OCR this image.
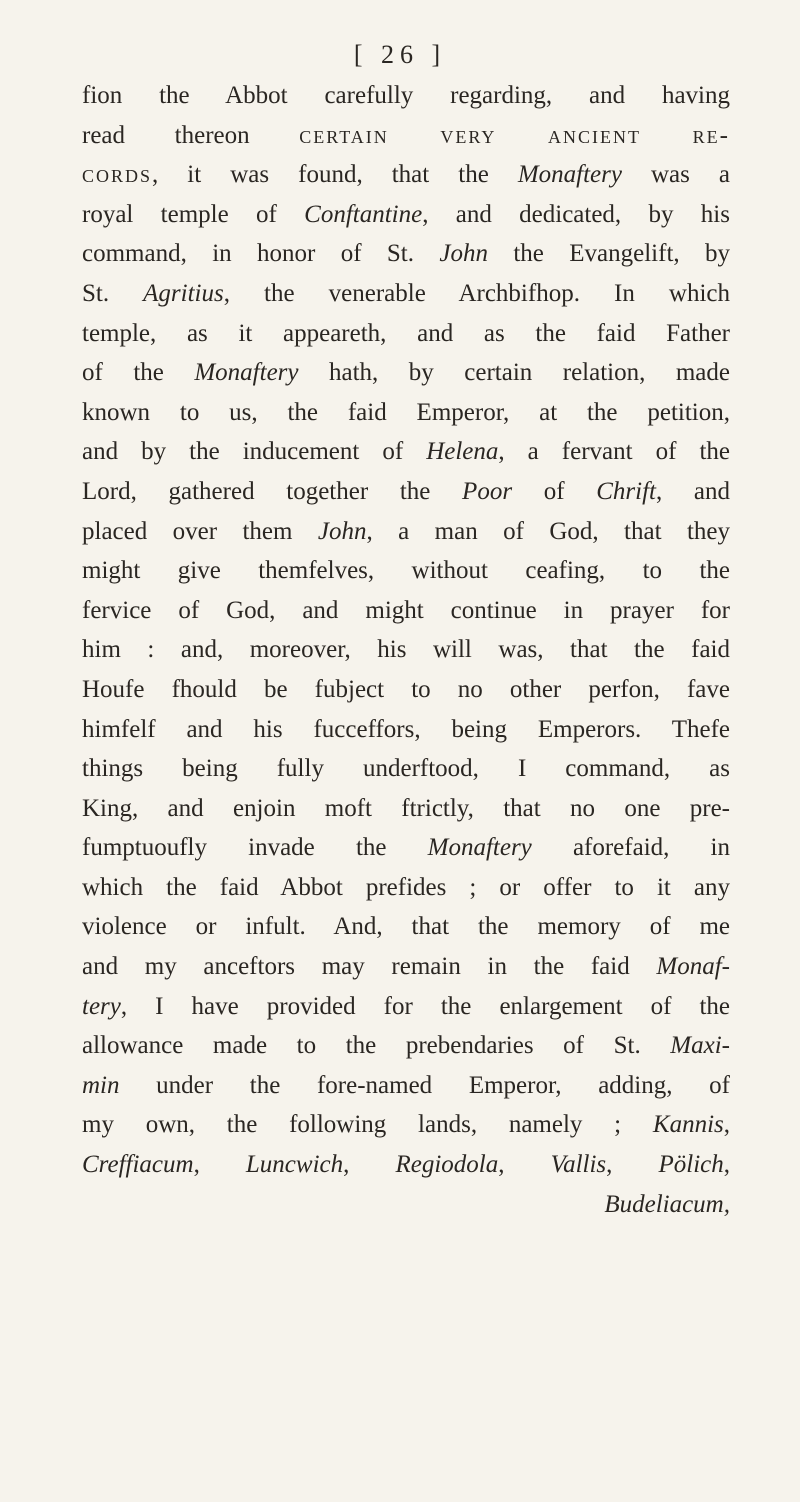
[ 26 ]
fion the Abbot carefully regarding, and having
read thereon certain very ancient re-
cords, it was found, that the Monaftery was a
royal temple of Conftantine, and dedicated, by his
command, in honor of St. John the Evangelift, by
St. Agritius, the venerable Archbifhop. In which
temple, as it appeareth, and as the faid Father
of the Monaftery hath, by certain relation, made
known to us, the faid Emperor, at the petition,
and by the inducement of Helena, a fervant of the
Lord, gathered together the Poor of Chrift, and
placed over them John, a man of God, that they
might give themfelves, without ceafing, to the
fervice of God, and might continue in prayer for
him : and, moreover, his will was, that the faid
Houfe fhould be fubject to no other perfon, fave
himfelf and his fucceffors, being Emperors. Thefe
things being fully underftood, I command, as
King, and enjoin moft ftrictly, that no one pre-
fumptuoufly invade the Monaftery aforefaid, in
which the faid Abbot prefides ; or offer to it any
violence or infult. And, that the memory of me
and my anceftors may remain in the faid Monaf-
tery, I have provided for the enlargement of the
allowance made to the prebendaries of St. Maxi-
min under the fore-named Emperor, adding, of
my own, the following lands, namely ; Kannis,
Creffiacum, Luncwich, Regiodola, Vallis, Pölich,
Budeliacum,
